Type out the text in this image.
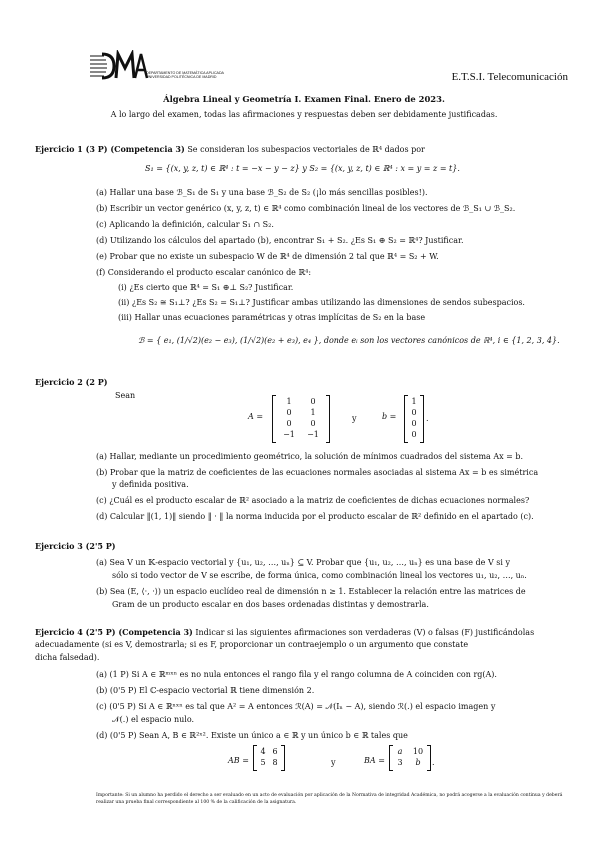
DEPARTAMENTO DE MATEMÁTICA APLICADA
UNIVERSIDAD POLITÉCNICA DE MADRID	E.T.S.I. Telecomunicación
Álgebra Lineal y Geometría I. Examen Final. Enero de 2023.
A lo largo del examen, todas las afirmaciones y respuestas deben ser debidamente justificadas.
Ejercicio 1 (3 P) (Competencia 3) Se consideran los subespacios vectoriales de ℝ⁴ dados por
S₁ = {(x, y, z, t) ∈ ℝ⁴ : t = −x − y − z} y S₂ = {(x, y, z, t) ∈ ℝ⁴ : x = y = z = t}.
(a) Hallar una base ℬ_S₁ de S₁ y una base ℬ_S₂ de S₂ (¡lo más sencillas posibles!).
(b) Escribir un vector genérico (x, y, z, t) ∈ ℝ⁴ como combinación lineal de los vectores de ℬ_S₁ ∪ ℬ_S₂.
(c) Aplicando la definición, calcular S₁ ∩ S₂.
(d) Utilizando los cálculos del apartado (b), encontrar S₁ + S₂. ¿Es S₁ ⊕ S₂ = ℝ⁴? Justificar.
(e) Probar que no existe un subespacio W de ℝ⁴ de dimensión 2 tal que ℝ⁴ = S₂ + W.
(f) Considerando el producto escalar canónico de ℝ⁴:
(i) ¿Es cierto que ℝ⁴ = S₁ ⊕⊥ S₂? Justificar.
(ii) ¿Es S₂ ≅ S₁⊥? ¿Es S₂ = S₁⊥? Justificar ambas utilizando las dimensiones de sendos subespacios.
(iii) Hallar unas ecuaciones paramétricas y otras implícitas de S₂ en la base
ℬ = { e₁, (1/√2)(e₂ − e₃), (1/√2)(e₂ + e₃), e₄ }, donde eᵢ son los vectores canónicos de ℝ⁴, i ∈ {1, 2, 3, 4}.
Ejercicio 2 (2 P)
Sean
A =
1	0
0	1
0	0
−1	−1
y	b =
1
0
0
0
.
(a) Hallar, mediante un procedimiento geométrico, la solución de mínimos cuadrados del sistema Ax = b.
(b) Probar que la matriz de coeficientes de las ecuaciones normales asociadas al sistema Ax = b es simétrica
y definida positiva.
(c) ¿Cuál es el producto escalar de ℝ² asociado a la matriz de coeficientes de dichas ecuaciones normales?
(d) Calcular ‖(1, 1)‖ siendo ‖ · ‖ la norma inducida por el producto escalar de ℝ² definido en el apartado (c).
Ejercicio 3 (2'5 P)
(a) Sea V un 𝕂-espacio vectorial y {u₁, u₂, …, uₙ} ⊆ V. Probar que {u₁, u₂, …, uₙ} es una base de V si y
sólo si todo vector de V se escribe, de forma única, como combinación lineal los vectores u₁, u₂, …, uₙ.
(b) Sea (E, ⟨·, ·⟩) un espacio euclídeo real de dimensión n ≥ 1. Establecer la relación entre las matrices de
Gram de un producto escalar en dos bases ordenadas distintas y demostrarla.
Ejercicio 4 (2'5 P) (Competencia 3) Indicar si las siguientes afirmaciones son verdaderas (V) o falsas (F) justificándolas
adecuadamente (si es V, demostrarla; si es F, proporcionar un contraejemplo o un argumento que constate
dicha falsedad).
(a) (1 P) Si A ∈ ℝᵐˣⁿ es no nula entonces el rango fila y el rango columna de A coinciden con rg(A).
(b) (0'5 P) El ℂ-espacio vectorial ℝ tiene dimensión 2.
(c) (0'5 P) Si A ∈ ℝⁿˣⁿ es tal que A² = A entonces ℛ(A) = 𝒩(Iₙ − A), siendo ℛ(.) el espacio imagen y
𝒩(.) el espacio nulo.
(d) (0'5 P) Sean A, B ∈ ℝ²ˣ². Existe un único a ∈ ℝ y un único b ∈ ℝ tales que
AB =
4 6
5 8	y	BA =
a	10
3	b	.
Importante: Si un alumno ha perdido el derecho a ser evaluado en un acto de evaluación por aplicación de la Normativa de integridad Académica, no podrá acogerse a la evaluación continua y deberá realizar una prueba final correspondiente al 100 % de la calificación de la asignatura.
